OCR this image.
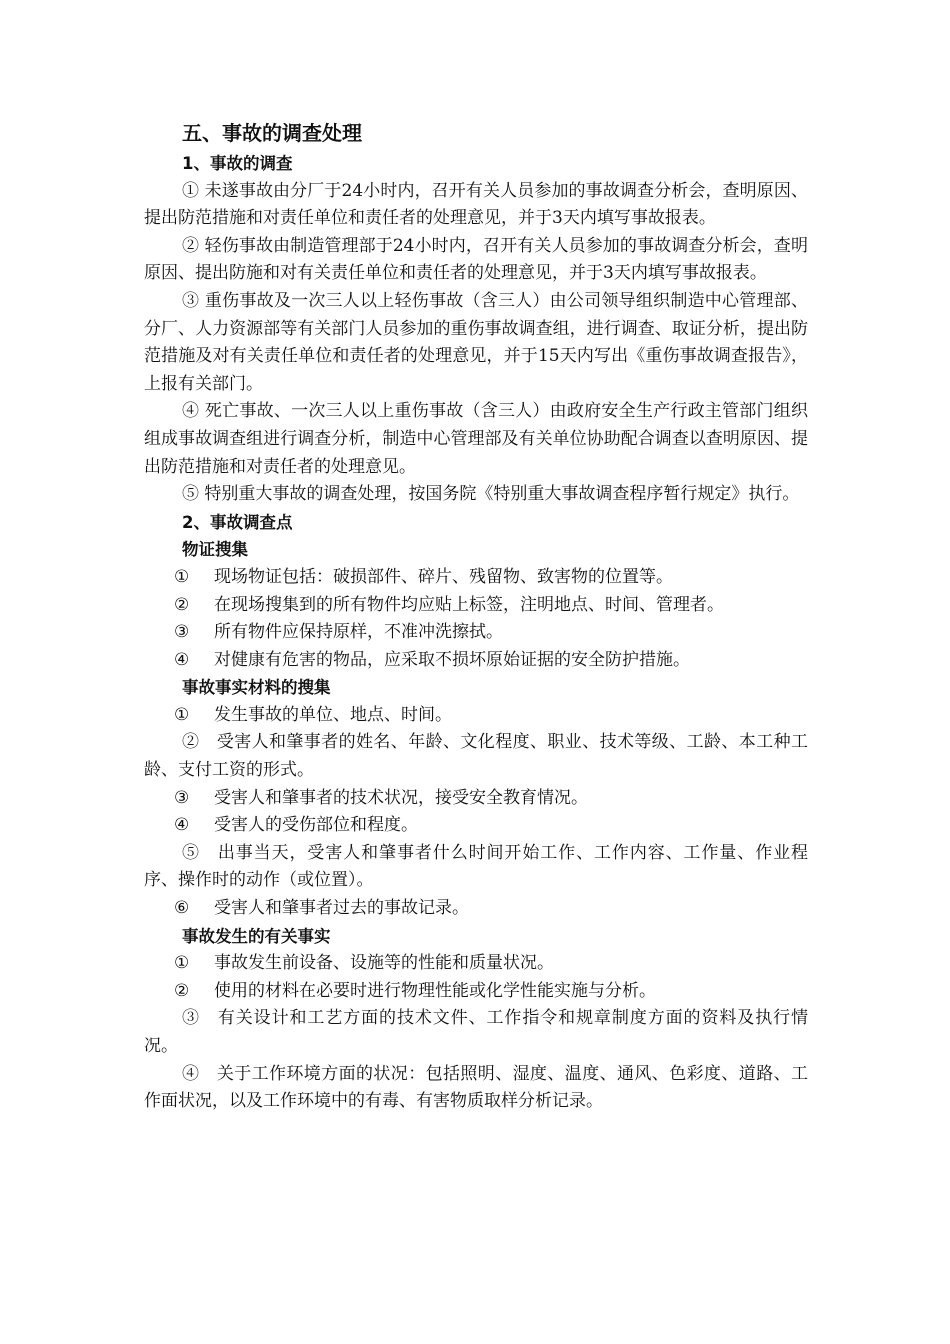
五、事故的调查处理
1、事故的调查

① 未遂事故由分厂于24小时内，召开有关人员参加的事故调查分析会，查明原因、提出防范措施和对责任单位和责任者的处理意见，并于3天内填写事故报表。

② 轻伤事故由制造管理部于24小时内，召开有关人员参加的事故调查分析会，查明原因、提出防施和对有关责任单位和责任者的处理意见，并于3天内填写事故报表。

③ 重伤事故及一次三人以上轻伤事故（含三人）由公司领导组织制造中心管理部、分厂、人力资源部等有关部门人员参加的重伤事故调查组，进行调查、取证分析，提出防范措施及对有关责任单位和责任者的处理意见，并于15天内写出《重伤事故调查报告》，上报有关部门。

④ 死亡事故、一次三人以上重伤事故（含三人）由政府安全生产行政主管部门组织组成事故调查组进行调查分析，制造中心管理部及有关单位协助配合调查以查明原因、提出防范措施和对责任者的处理意见。

⑤ 特别重大事故的调查处理，按国务院《特别重大事故调查程序暂行规定》执行。

2、事故调查点
物证搜集

① 现场物证包括：破损部件、碎片、残留物、致害物的位置等。

② 在现场搜集到的所有物件均应贴上标签，注明地点、时间、管理者。

③ 所有物件应保持原样，不准冲洗擦拭。

④ 对健康有危害的物品，应采取不损坏原始证据的安全防护措施。

事故事实材料的搜集

① 发生事故的单位、地点、时间。

②　 受害人和肇事者的姓名、年龄、文化程度、职业、技术等级、工龄、本工种工龄、支付工资的形式。

③ 受害人和肇事者的技术状况，接受安全教育情况。

④ 受害人的受伤部位和程度。

⑤　 出事当天，受害人和肇事者什么时间开始工作、工作内容、工作量、作业程序、操作时的动作（或位置）。

⑥ 受害人和肇事者过去的事故记录。

事故发生的有关事实

① 事故发生前设备、设施等的性能和质量状况。

② 使用的材料在必要时进行物理性能或化学性能实施与分析。

③　 有关设计和工艺方面的技术文件、工作指令和规章制度方面的资料及执行情况。

④　 关于工作环境方面的状况：包括照明、湿度、温度、通风、色彩度、道路、工作面状况，以及工作环境中的有毒、有害物质取样分析记录。
